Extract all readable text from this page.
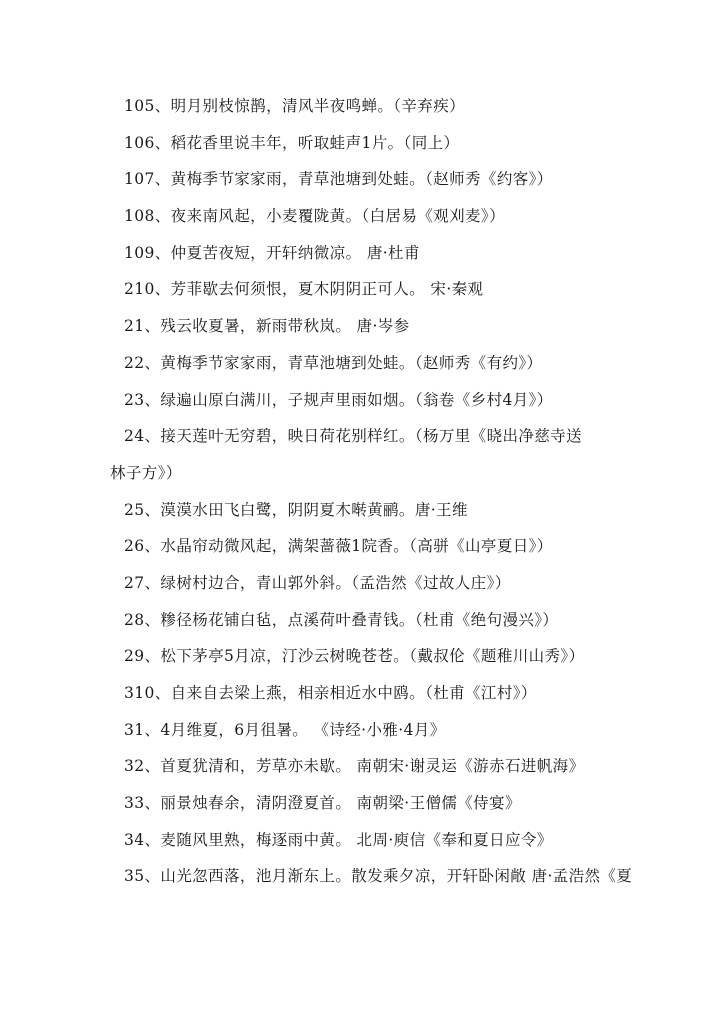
105、明月别枝惊鹊，清风半夜鸣蝉。（辛弃疾）
106、稻花香里说丰年，听取蛙声1片。（同上）
107、黄梅季节家家雨，青草池塘到处蛙。（赵师秀《约客》）
108、夜来南风起，小麦覆陇黄。（白居易《观刈麦》）
109、仲夏苦夜短，开轩纳微凉。 唐·杜甫
210、芳菲歇去何须恨，夏木阴阴正可人。 宋·秦观
21、残云收夏暑，新雨带秋岚。 唐·岑参
22、黄梅季节家家雨，青草池塘到处蛙。（赵师秀《有约》）
23、绿遍山原白满川，子规声里雨如烟。（翁卷《乡村4月》）
24、接天莲叶无穷碧，映日荷花别样红。（杨万里《晓出净慈寺送林子方》）
25、漠漠水田飞白鹭，阴阴夏木啭黄鹂。唐·王维
26、水晶帘动微风起，满架蔷薇1院香。（高骈《山亭夏日》）
27、绿树村边合，青山郭外斜。（孟浩然《过故人庄》）
28、糁径杨花铺白毡，点溪荷叶叠青钱。（杜甫《绝句漫兴》）
29、松下茅亭5月凉，汀沙云树晚苍苍。（戴叔伦《题稚川山秀》）
310、自来自去梁上燕，相亲相近水中鸥。（杜甫《江村》）
31、4月维夏，6月徂暑。 《诗经·小雅·4月》
32、首夏犹清和，芳草亦未歇。 南朝宋·谢灵运《游赤石进帆海》
33、丽景烛春余，清阴澄夏首。 南朝梁·王僧儒《侍宴》
34、麦随风里熟，梅逐雨中黄。 北周·庾信《奉和夏日应令》
35、山光忽西落，池月渐东上。散发乘夕凉，开轩卧闲敞 唐·孟浩然《夏
